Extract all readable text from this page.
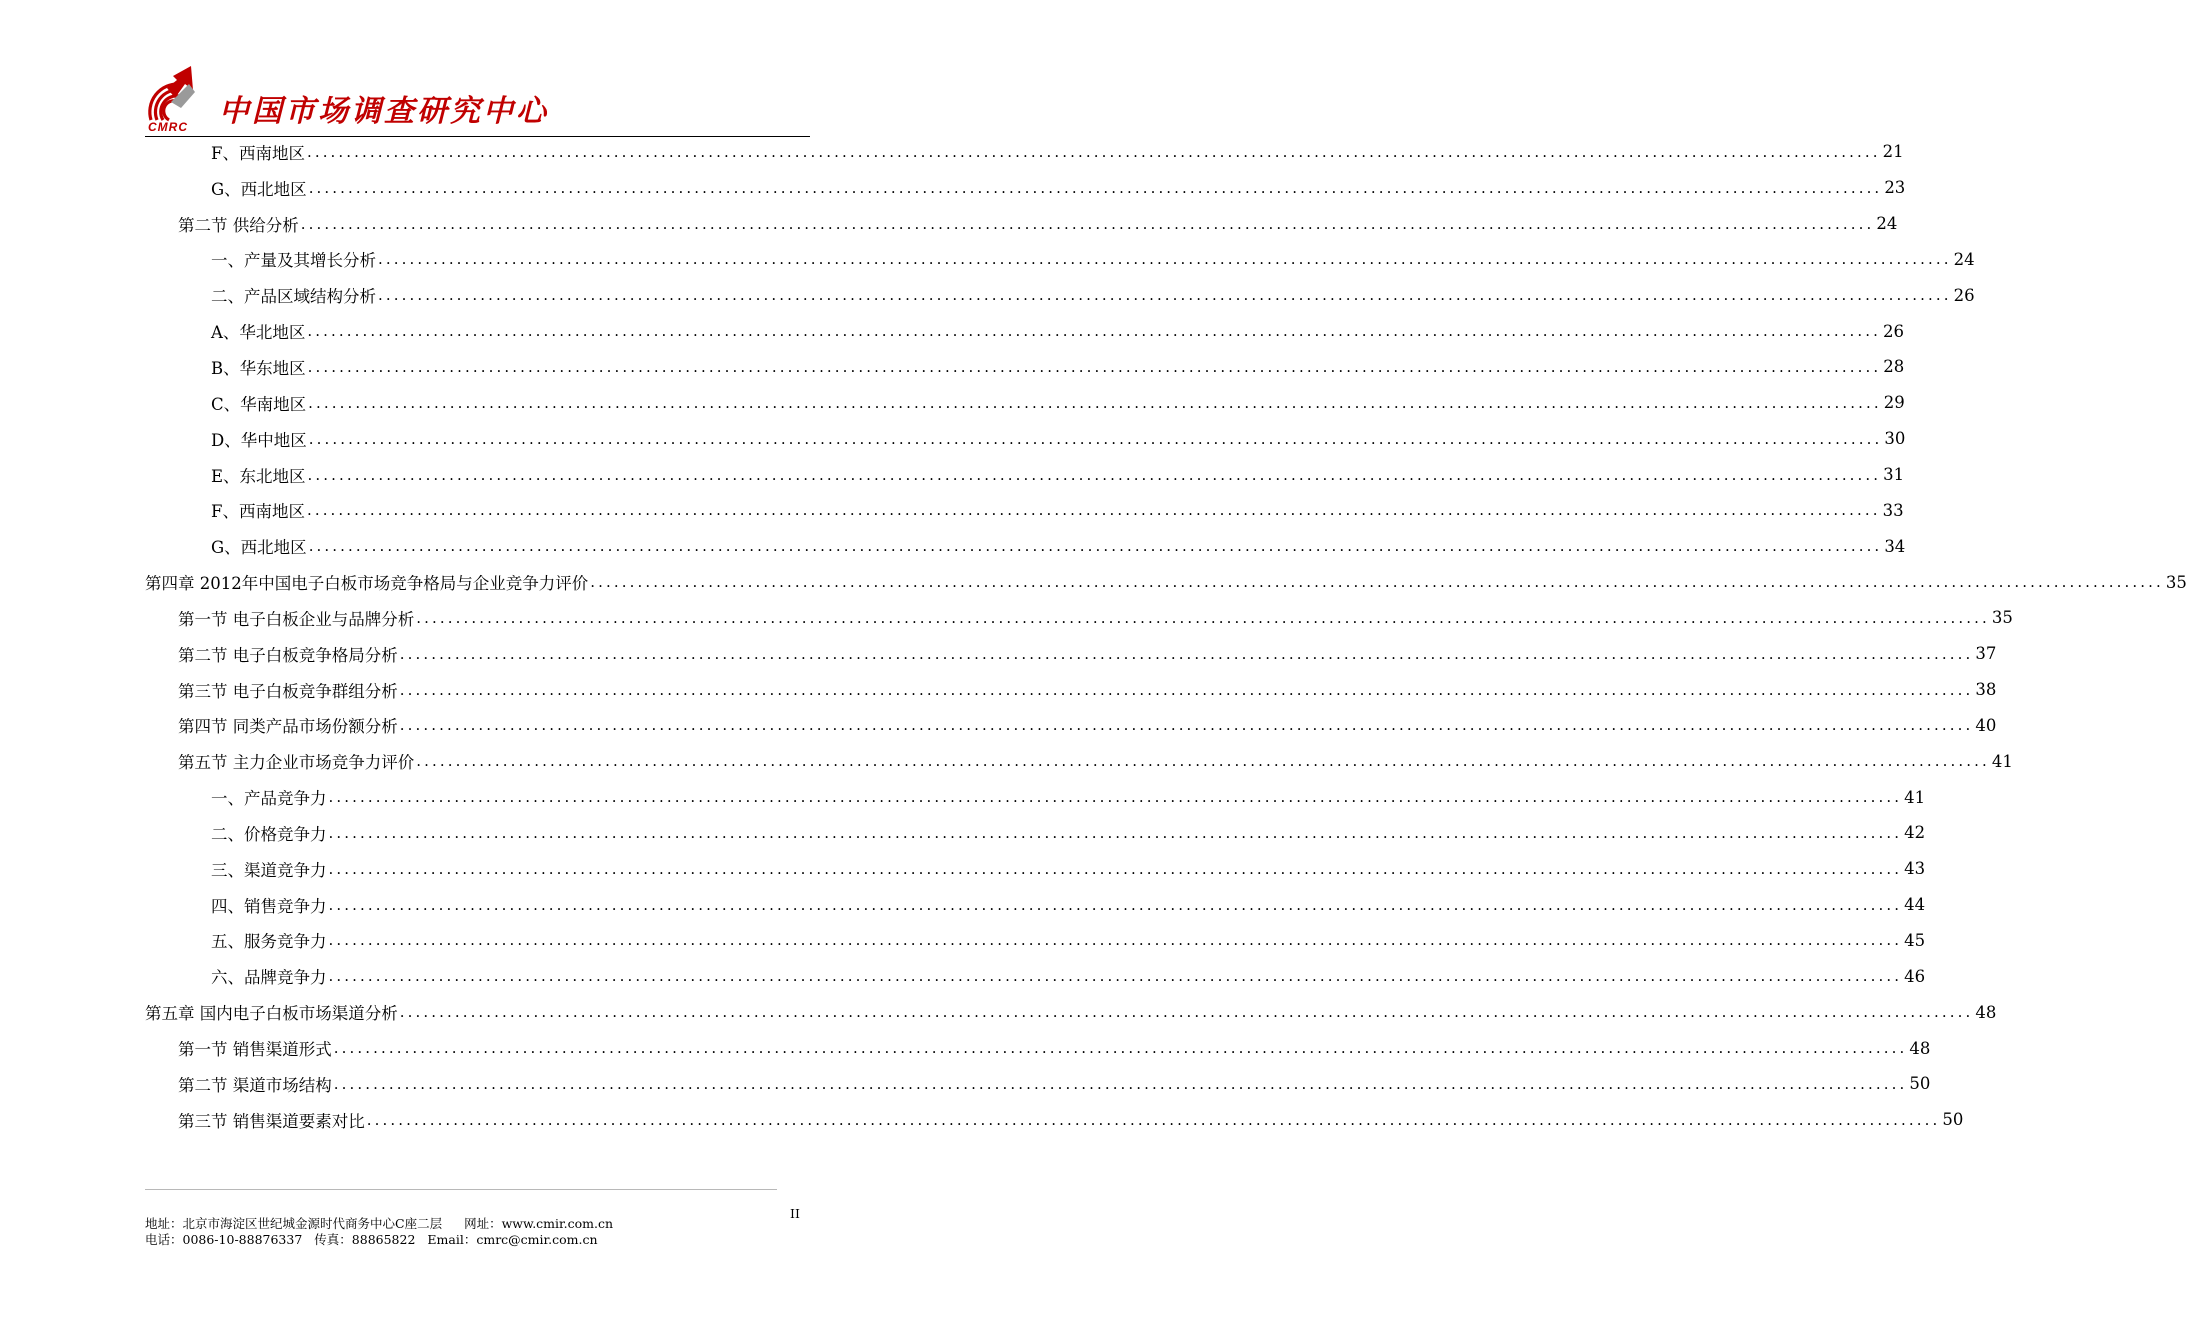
CMRC 中国市场调查研究中心
F、西南地区 ........................................................................................................................................................................................................ 21
G、西北地区 ........................................................................................................................................................................................................ 23
第二节 供给分析 ........................................................................................................................................................................................................ 24
一、产量及其增长分析 ........................................................................................................................................................................................................ 24
二、产品区域结构分析 ........................................................................................................................................................................................................ 26
A、华北地区 ........................................................................................................................................................................................................ 26
B、华东地区 ........................................................................................................................................................................................................ 28
C、华南地区 ........................................................................................................................................................................................................ 29
D、华中地区 ........................................................................................................................................................................................................ 30
E、东北地区 ........................................................................................................................................................................................................ 31
F、西南地区 ........................................................................................................................................................................................................ 33
G、西北地区 ........................................................................................................................................................................................................ 34
第四章 2012年中国电子白板市场竞争格局与企业竞争力评价 ........................................................................................................................................................................................................ 35
第一节 电子白板企业与品牌分析 ........................................................................................................................................................................................................ 35
第二节 电子白板竞争格局分析 ........................................................................................................................................................................................................ 37
第三节 电子白板竞争群组分析 ........................................................................................................................................................................................................ 38
第四节 同类产品市场份额分析 ........................................................................................................................................................................................................ 40
第五节 主力企业市场竞争力评价 ........................................................................................................................................................................................................ 41
一、产品竞争力 ........................................................................................................................................................................................................ 41
二、价格竞争力 ........................................................................................................................................................................................................ 42
三、渠道竞争力 ........................................................................................................................................................................................................ 43
四、销售竞争力 ........................................................................................................................................................................................................ 44
五、服务竞争力 ........................................................................................................................................................................................................ 45
六、品牌竞争力 ........................................................................................................................................................................................................ 46
第五章 国内电子白板市场渠道分析 ........................................................................................................................................................................................................ 48
第一节 销售渠道形式 ........................................................................................................................................................................................................ 48
第二节 渠道市场结构 ........................................................................................................................................................................................................ 50
第三节 销售渠道要素对比 ........................................................................................................................................................................................................ 50
地址：北京市海淀区世纪城金源时代商务中心C座二层 网址：www.cmir.com.cn
电话：0086-10-88876337 传真：88865822 Email：cmrc@cmir.com.cn
II
